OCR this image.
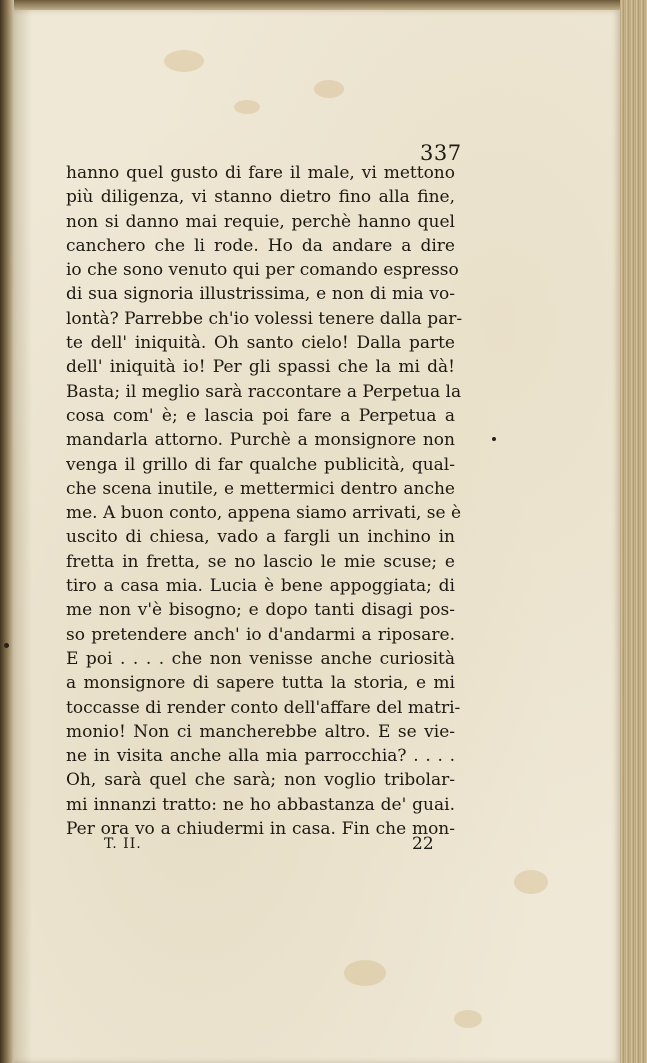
337
hanno quel gusto di fare il male, vi mettono
più diligenza, vi stanno dietro fino alla fine,
non si danno mai requie, perchè hanno quel
canchero che li rode. Ho da andare a dire
io che sono venuto qui per comando espresso
di sua signoria illustrissima, e non di mia vo-
lontà? Parrebbe ch'io volessi tenere dalla par-
te dell' iniquità. Oh santo cielo! Dalla parte
dell' iniquità io! Per gli spassi che la mi dà!
Basta; il meglio sarà raccontare a Perpetua la
cosa com' è; e lascia poi fare a Perpetua a
mandarla attorno. Purchè a monsignore non
venga il grillo di far qualche publicità, qual-
che scena inutile, e mettermici dentro anche
me. A buon conto, appena siamo arrivati, se è
uscito di chiesa, vado a fargli un inchino in
fretta in fretta, se no lascio le mie scuse; e
tiro a casa mia. Lucia è bene appoggiata; di
me non v'è bisogno; e dopo tanti disagi pos-
so pretendere anch' io d'andarmi a riposare.
E poi . . . . che non venisse anche curiosità
a monsignore di sapere tutta la storia, e mi
toccasse di render conto dell'affare del matri-
monio! Non ci mancherebbe altro. E se vie-
ne in visita anche alla mia parrocchia? . . . .
Oh, sarà quel che sarà; non voglio tribolar-
mi innanzi tratto: ne ho abbastanza de' guai.
Per ora vo a chiudermi in casa. Fin che mon-
T. II.	22
